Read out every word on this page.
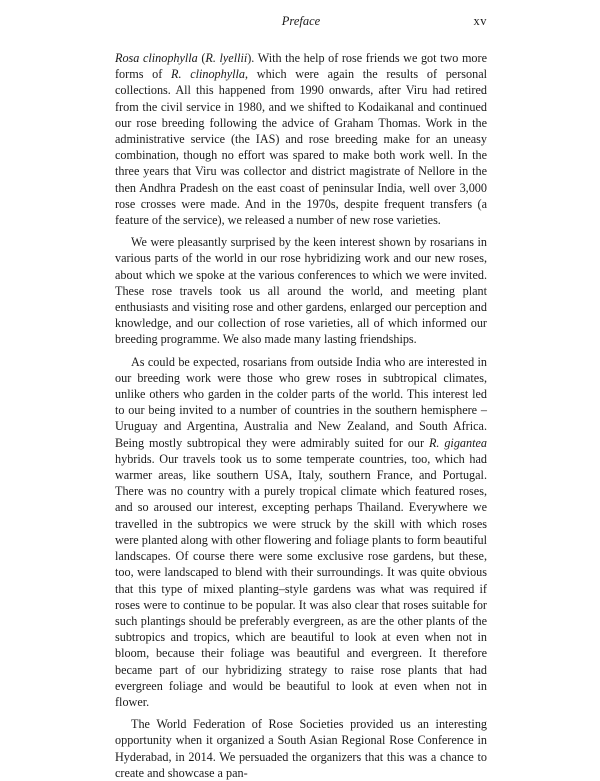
Preface	xv

Rosa clinophylla (R. lyellii). With the help of rose friends we got two more forms of R. clinophylla, which were again the results of personal collections. All this happened from 1990 onwards, after Viru had retired from the civil service in 1980, and we shifted to Kodaikanal and continued our rose breeding following the advice of Graham Thomas. Work in the administrative service (the IAS) and rose breeding make for an uneasy combination, though no effort was spared to make both work well. In the three years that Viru was collector and district magistrate of Nellore in the then Andhra Pradesh on the east coast of peninsular India, well over 3,000 rose crosses were made. And in the 1970s, despite frequent transfers (a feature of the service), we released a number of new rose varieties.

We were pleasantly surprised by the keen interest shown by rosarians in various parts of the world in our rose hybridizing work and our new roses, about which we spoke at the various conferences to which we were invited. These rose travels took us all around the world, and meeting plant enthusiasts and visiting rose and other gardens, enlarged our perception and knowledge, and our collection of rose varieties, all of which informed our breeding programme. We also made many lasting friendships.

As could be expected, rosarians from outside India who are interested in our breeding work were those who grew roses in subtropical climates, unlike others who garden in the colder parts of the world. This interest led to our being invited to a number of countries in the southern hemisphere – Uruguay and Argentina, Australia and New Zealand, and South Africa. Being mostly subtropical they were admirably suited for our R. gigantea hybrids. Our travels took us to some temperate countries, too, which had warmer areas, like southern USA, Italy, southern France, and Portugal. There was no country with a purely tropical climate which featured roses, and so aroused our interest, excepting perhaps Thailand. Everywhere we travelled in the subtropics we were struck by the skill with which roses were planted along with other flowering and foliage plants to form beautiful landscapes. Of course there were some exclusive rose gardens, but these, too, were landscaped to blend with their surroundings. It was quite obvious that this type of mixed planting–style gardens was what was required if roses were to continue to be popular. It was also clear that roses suitable for such plantings should be preferably evergreen, as are the other plants of the subtropics and tropics, which are beautiful to look at even when not in bloom, because their foliage was beautiful and evergreen. It therefore became part of our hybridizing strategy to raise rose plants that had evergreen foliage and would be beautiful to look at even when not in flower.

The World Federation of Rose Societies provided us an interesting opportunity when it organized a South Asian Regional Rose Conference in Hyderabad, in 2014. We persuaded the organizers that this was a chance to create and showcase a pan-
